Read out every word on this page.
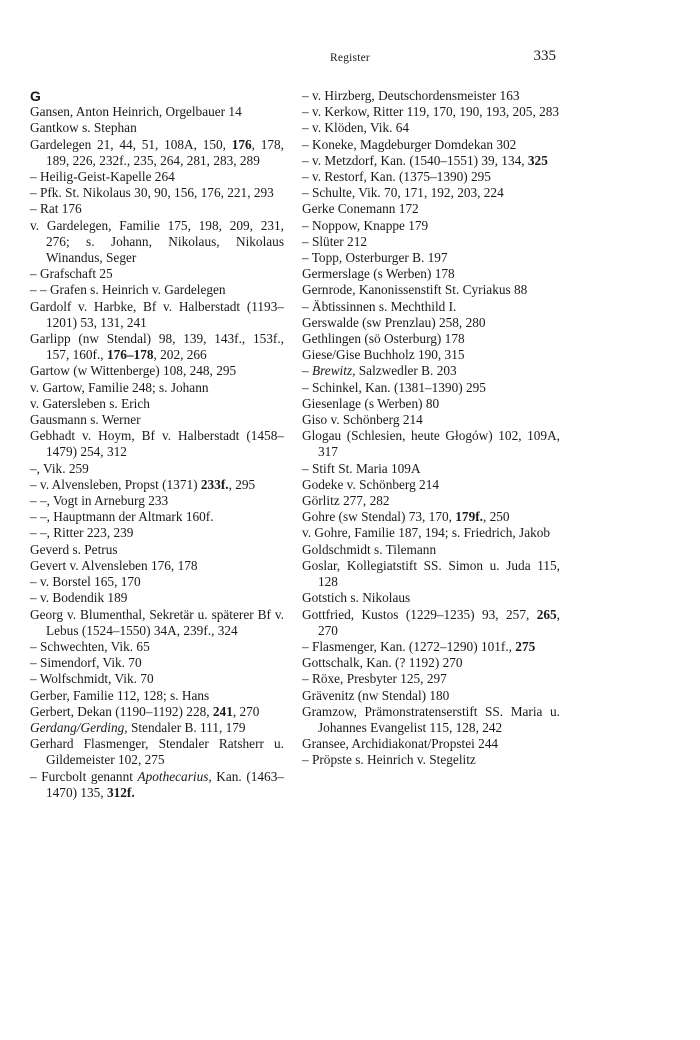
Register	335
G
Gansen, Anton Heinrich, Orgelbauer 14
Gantkow s. Stephan
Gardelegen 21, 44, 51, 108A, 150, 176, 178, 189, 226, 232f., 235, 264, 281, 283, 289
– Heilig-Geist-Kapelle 264
– Pfk. St. Nikolaus 30, 90, 156, 176, 221, 293
– Rat 176
v. Gardelegen, Familie 175, 198, 209, 231, 276; s. Johann, Nikolaus, Nikolaus Winandus, Seger
– Grafschaft 25
– – Grafen s. Heinrich v. Gardelegen
Gardolf v. Harbke, Bf v. Halberstadt (1193–1201) 53, 131, 241
Garlipp (nw Stendal) 98, 139, 143f., 153f., 157, 160f., 176–178, 202, 266
Gartow (w Wittenberge) 108, 248, 295
v. Gartow, Familie 248; s. Johann
v. Gatersleben s. Erich
Gausmann s. Werner
Gebhadt v. Hoym, Bf v. Halberstadt (1458–1479) 254, 312
–, Vik. 259
– v. Alvensleben, Propst (1371) 233f., 295
– –, Vogt in Arneburg 233
– –, Hauptmann der Altmark 160f.
– –, Ritter 223, 239
Geverd s. Petrus
Gevert v. Alvensleben 176, 178
– v. Borstel 165, 170
– v. Bodendik 189
Georg v. Blumenthal, Sekretär u. späterer Bf v. Lebus (1524–1550) 34A, 239f., 324
– Schwechten, Vik. 65
– Simendorf, Vik. 70
– Wolfschmidt, Vik. 70
Gerber, Familie 112, 128; s. Hans
Gerbert, Dekan (1190–1192) 228, 241, 270
Gerdang/Gerding, Stendaler B. 111, 179
Gerhard Flasmenger, Stendaler Ratsherr u. Gildemeister 102, 275
– Furcbolt genannt Apothecarius, Kan. (1463–1470) 135, 312f.
– v. Hirzberg, Deutschordensmeister 163
– v. Kerkow, Ritter 119, 170, 190, 193, 205, 283
– v. Klöden, Vik. 64
– Koneke, Magdeburger Domdekan 302
– v. Metzdorf, Kan. (1540–1551) 39, 134, 325
– v. Restorf, Kan. (1375–1390) 295
– Schulte, Vik. 70, 171, 192, 203, 224
Gerke Conemann 172
– Noppow, Knappe 179
– Slüter 212
– Topp, Osterburger B. 197
Germerslage (s Werben) 178
Gernrode, Kanonissenstift St. Cyriakus 88
– Äbtissinnen s. Mechthild I.
Gerswalde (sw Prenzlau) 258, 280
Gethlingen (sö Osterburg) 178
Giese/Gise Buchholz 190, 315
– Brewitz, Salzwedler B. 203
– Schinkel, Kan. (1381–1390) 295
Giesenlage (s Werben) 80
Giso v. Schönberg 214
Glogau (Schlesien, heute Głogów) 102, 109A, 317
– Stift St. Maria 109A
Godeke v. Schönberg 214
Görlitz 277, 282
Gohre (sw Stendal) 73, 170, 179f., 250
v. Gohre, Familie 187, 194; s. Friedrich, Jakob
Goldschmidt s. Tilemann
Goslar, Kollegiatstift SS. Simon u. Juda 115, 128
Gotstich s. Nikolaus
Gottfried, Kustos (1229–1235) 93, 257, 265, 270
– Flasmenger, Kan. (1272–1290) 101f., 275
Gottschalk, Kan. (? 1192) 270
– Röxe, Presbyter 125, 297
Grävenitz (nw Stendal) 180
Gramzow, Prämonstratenserstift SS. Maria u. Johannes Evangelist 115, 128, 242
Gransee, Archidiakonat/Propstei 244
– Pröpste s. Heinrich v. Stegelitz
